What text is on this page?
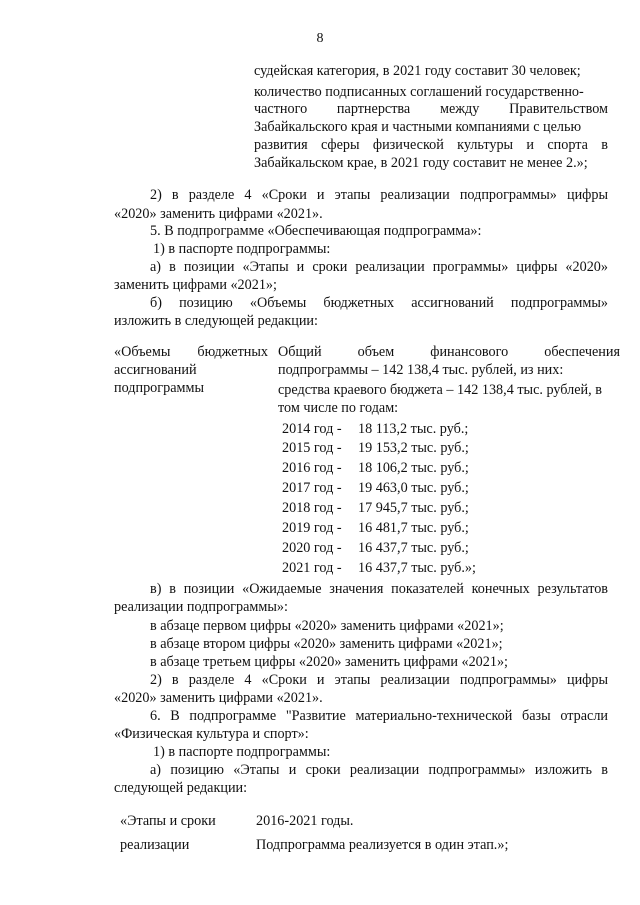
8
судейская категория, в 2021 году составит 30 человек;
количество подписанных соглашений государственно-
частного партнерства между Правительством
Забайкальского края и частными компаниями с целью
развития сферы физической культуры и спорта в
Забайкальском крае, в 2021 году составит не менее 2.»;
2) в разделе 4 «Сроки и этапы реализации подпрограммы» цифры
«2020» заменить цифрами «2021».
5. В подпрограмме «Обеспечивающая подпрограмма»:
1) в паспорте подпрограммы:
а) в позиции «Этапы и сроки реализации программы» цифры «2020»
заменить цифрами «2021»;
б) позицию «Объемы бюджетных ассигнований подпрограммы»
изложить в следующей редакции:
«Объемы бюджетных
ассигнований
подпрограммы
Общий объем финансового обеспечения
подпрограммы – 142 138,4 тыс. рублей, из них:
средства краевого бюджета – 142 138,4 тыс. рублей, в
том числе по годам:
2014 год - 18 113,2 тыс. руб.;
2015 год - 19 153,2 тыс. руб.;
2016 год - 18 106,2 тыс. руб.;
2017 год - 19 463,0 тыс. руб.;
2018 год - 17 945,7 тыс. руб.;
2019 год - 16 481,7 тыс. руб.;
2020 год - 16 437,7 тыс. руб.;
2021 год - 16 437,7 тыс. руб.»;
в) в позиции «Ожидаемые значения показателей конечных результатов
реализации подпрограммы»:
в абзаце первом цифры «2020» заменить цифрами «2021»;
в абзаце втором цифры «2020» заменить цифрами «2021»;
в абзаце третьем цифры «2020» заменить цифрами «2021»;
2) в разделе 4 «Сроки и этапы реализации подпрограммы» цифры
«2020» заменить цифрами «2021».
6. В подпрограмме "Развитие материально-технической базы отрасли
«Физическая культура и спорт»:
1) в паспорте подпрограммы:
а) позицию «Этапы и сроки реализации подпрограммы» изложить в
следующей редакции:
«Этапы и сроки
реализации
2016-2021 годы.
Подпрограмма реализуется в один этап.»;
